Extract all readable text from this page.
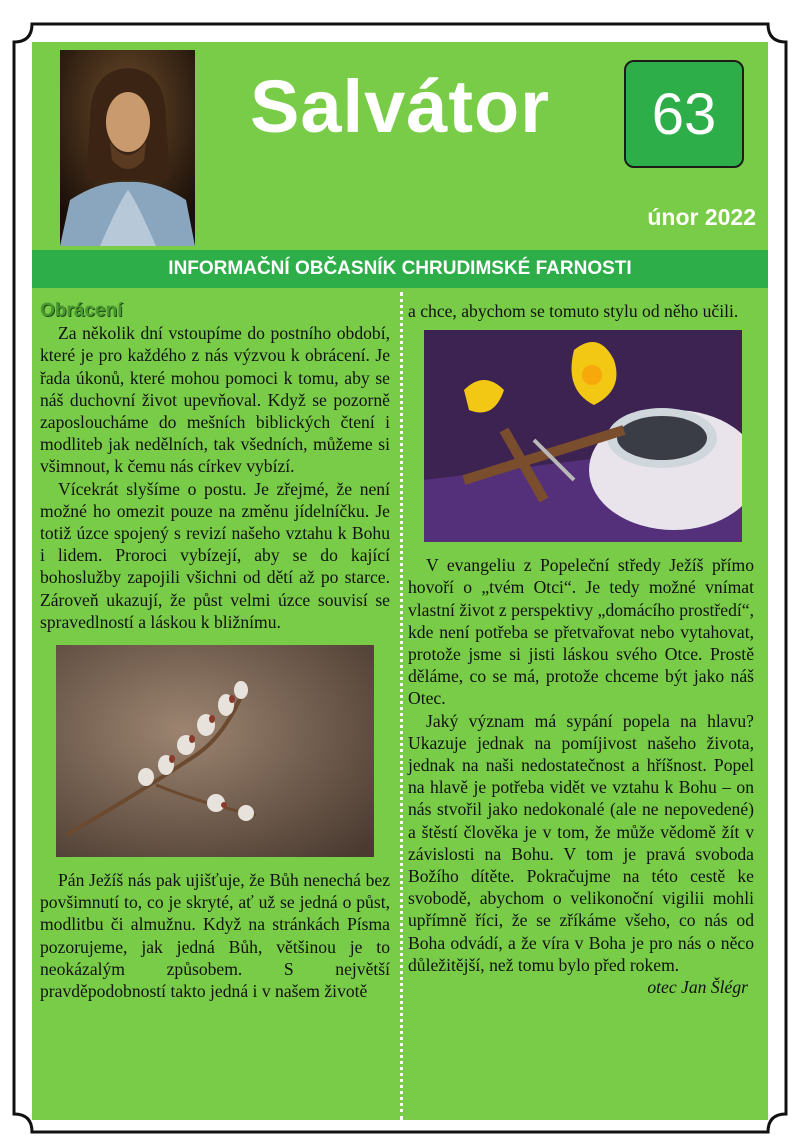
Salvátor	63
únor 2022
INFORMAČNÍ OBČASNÍK CHRUDIMSKÉ FARNOSTI

Obrácení

Za několik dní vstoupíme do postního období, které je pro každého z nás výzvou k obrácení. Je řada úkonů, které mohou pomoci k tomu, aby se náš duchovní život upevňoval. Když se pozorně zaposloucháme do mešních biblických čtení i modliteb jak nedělních, tak všedních, můžeme si všimnout, k čemu nás církev vybízí.

Vícekrát slyšíme o postu. Je zřejmé, že není možné ho omezit pouze na změnu jídelníčku. Je totiž úzce spojený s revizí našeho vztahu k Bohu i lidem. Proroci vybízejí, aby se do kající bohoslužby zapojili všichni od dětí až po starce. Zároveň ukazují, že půst velmi úzce souvisí se spravedlností a láskou k bližnímu.

Pán Ježíš nás pak ujišťuje, že Bůh nenechá bez povšimnutí to, co je skryté, ať už se jedná o půst, modlitbu či almužnu. Když na stránkách Písma pozorujeme, jak jedná Bůh, většinou je to neokázalým způsobem. S největší pravděpodobností takto jedná i v našem životě

a chce, abychom se tomuto stylu od něho učili.

V evangeliu z Popeleční středy Ježíš přímo hovoří o „tvém Otci“. Je tedy možné vnímat vlastní život z perspektivy „domácího prostředí“, kde není potřeba se přetvařovat nebo vytahovat, protože jsme si jisti láskou svého Otce. Prostě děláme, co se má, protože chceme být jako náš Otec.

Jaký význam má sypání popela na hlavu? Ukazuje jednak na pomíjivost našeho života, jednak na naši nedostatečnost a hříšnost. Popel na hlavě je potřeba vidět ve vztahu k Bohu – on nás stvořil jako nedokonalé (ale ne nepovedené) a štěstí člověka je v tom, že může vědomě žít v závislosti na Bohu. V tom je pravá svoboda Božího dítěte. Pokračujme na této cestě ke svobodě, abychom o velikonoční vigilii mohli upřímně říci, že se zříkáme všeho, co nás od Boha odvádí, a že víra v Boha je pro nás o něco důležitější, než tomu bylo před rokem.

otec Jan Šlégr
